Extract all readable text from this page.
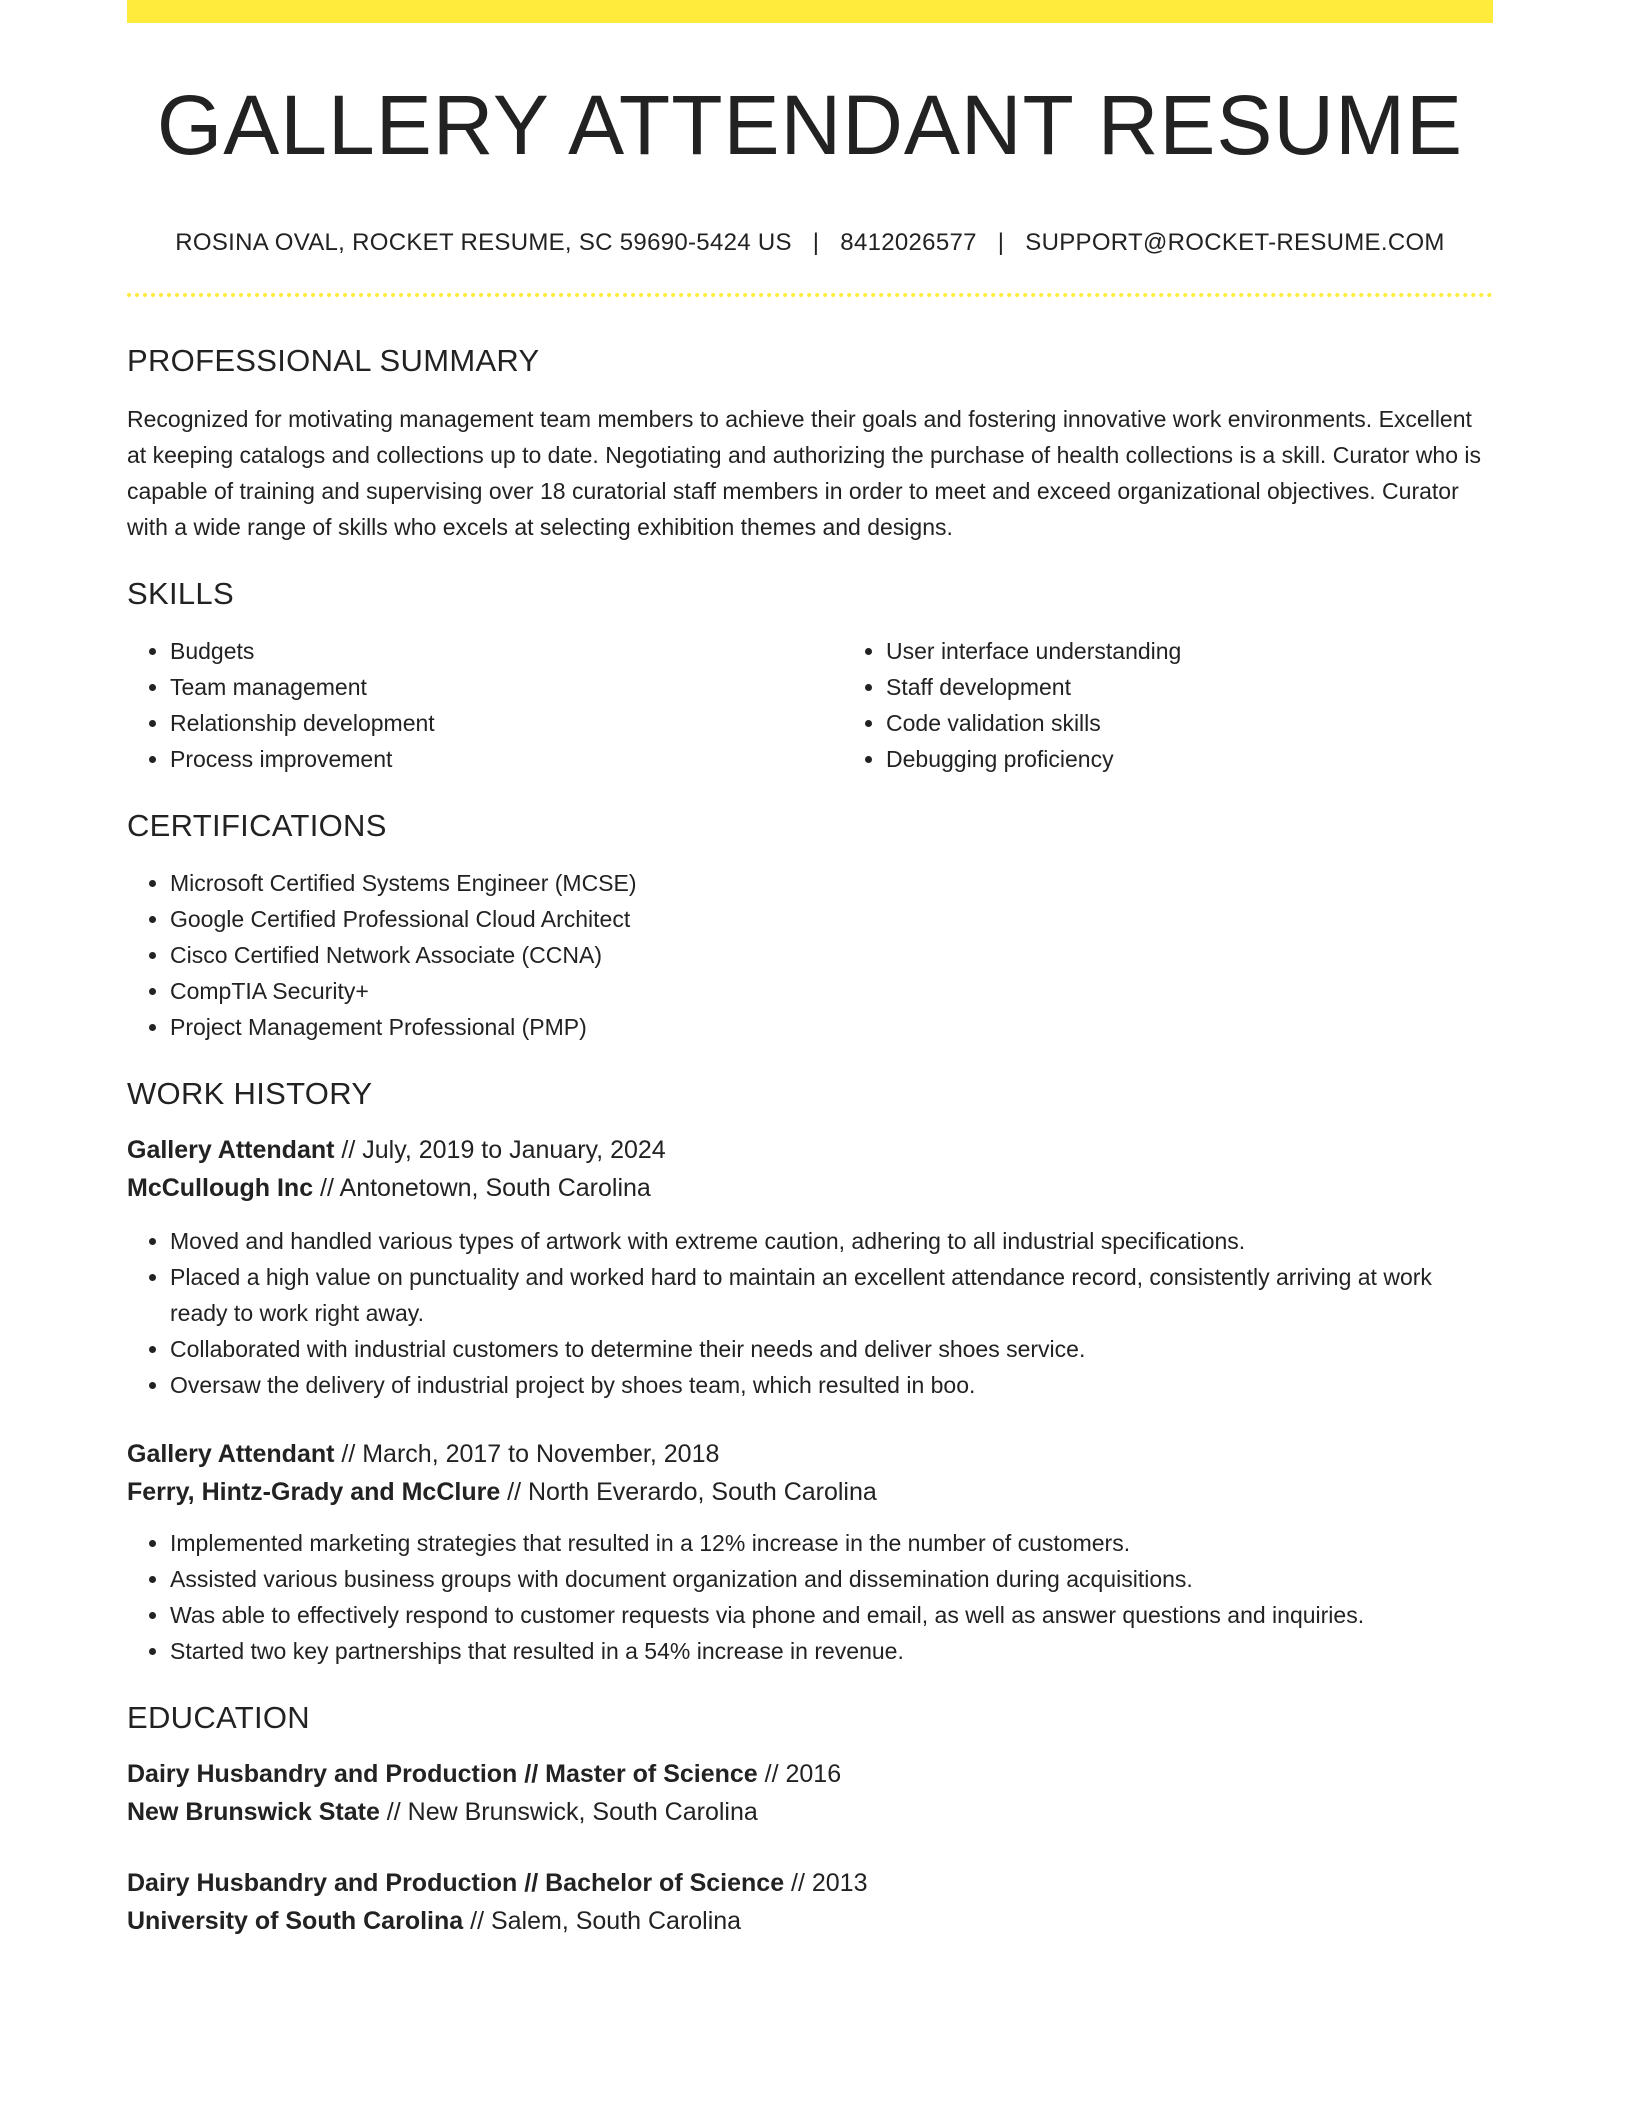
GALLERY ATTENDANT RESUME
ROSINA OVAL, ROCKET RESUME, SC 59690-5424 US | 8412026577 | SUPPORT@ROCKET-RESUME.COM
PROFESSIONAL SUMMARY

Recognized for motivating management team members to achieve their goals and fostering innovative work environments. Excellent at keeping catalogs and collections up to date. Negotiating and authorizing the purchase of health collections is a skill. Curator who is capable of training and supervising over 18 curatorial staff members in order to meet and exceed organizational objectives. Curator with a wide range of skills who excels at selecting exhibition themes and designs.

SKILLS
• Budgets
• Team management
• Relationship development
• Process improvement
• User interface understanding
• Staff development
• Code validation skills
• Debugging proficiency
CERTIFICATIONS
• Microsoft Certified Systems Engineer (MCSE)
• Google Certified Professional Cloud Architect
• Cisco Certified Network Associate (CCNA)
• CompTIA Security+
• Project Management Professional (PMP)
WORK HISTORY
Gallery Attendant // July, 2019 to January, 2024
McCullough Inc // Antonetown, South Carolina
• Moved and handled various types of artwork with extreme caution, adhering to all industrial specifications.
• Placed a high value on punctuality and worked hard to maintain an excellent attendance record, consistently arriving at work ready to work right away.
• Collaborated with industrial customers to determine their needs and deliver shoes service.
• Oversaw the delivery of industrial project by shoes team, which resulted in boo.
Gallery Attendant // March, 2017 to November, 2018
Ferry, Hintz-Grady and McClure // North Everardo, South Carolina
• Implemented marketing strategies that resulted in a 12% increase in the number of customers.
• Assisted various business groups with document organization and dissemination during acquisitions.
• Was able to effectively respond to customer requests via phone and email, as well as answer questions and inquiries.
• Started two key partnerships that resulted in a 54% increase in revenue.
EDUCATION
Dairy Husbandry and Production // Master of Science // 2016
New Brunswick State // New Brunswick, South Carolina
Dairy Husbandry and Production // Bachelor of Science // 2013
University of South Carolina // Salem, South Carolina
